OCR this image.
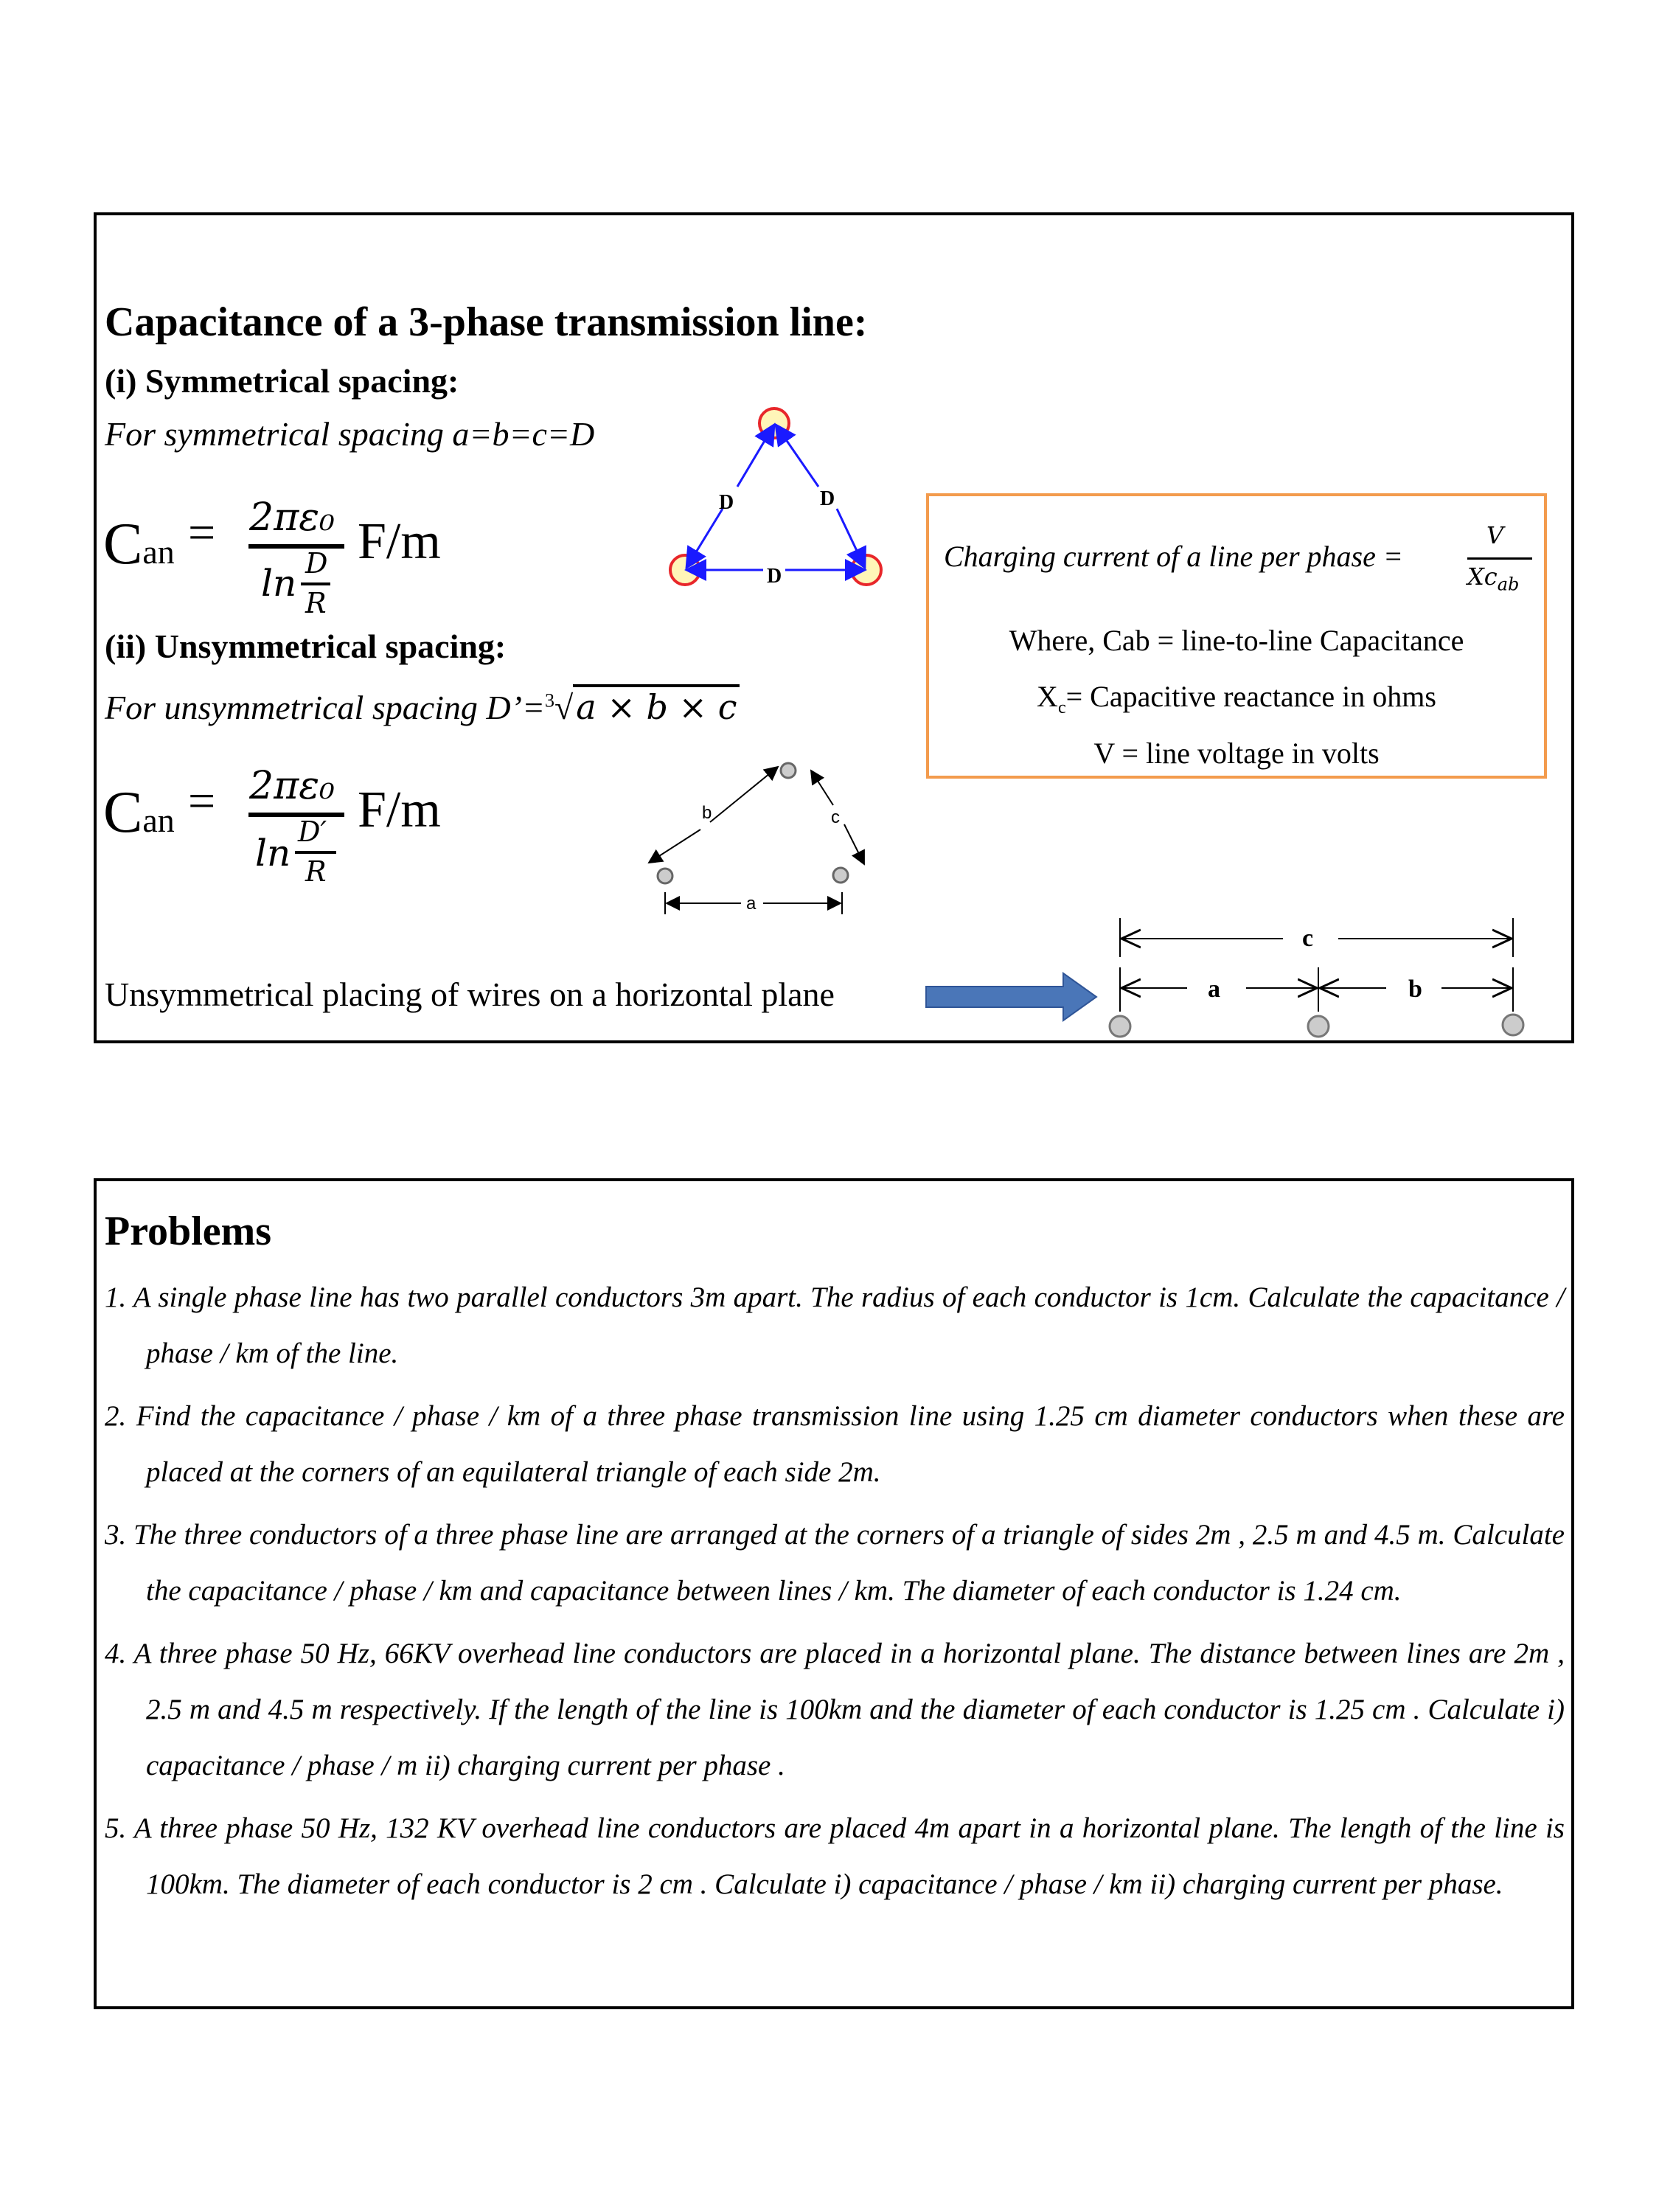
Capacitance of a 3-phase transmission line:
(i) Symmetrical spacing:
For symmetrical spacing a=b=c=D
Can = 2πε₀
ln D
R
F/m
(ii) Unsymmetrical spacing:
For unsymmetrical spacing D’=$^3$√a × b × c
Can = 2πε₀
ln D′
R
F/m
Unsymmetrical placing of wires on a horizontal plane
D	D
D
b	c
a
c
a	b
Charging current of a line per phase =
V
$Xc_{ab}$
Where, Cab = line-to-line Capacitance
$X_c=$ Capacitive reactance in ohms
V = line voltage in volts
Problems

1. A single phase line has two parallel conductors 3m apart. The radius of each conductor is 1cm. Calculate the capacitance / phase / km of the line.

2. Find the capacitance / phase / km of a three phase transmission line using 1.25 cm diameter conductors when these are placed at the corners of an equilateral triangle of each side 2m.

3. The three conductors of a three phase line are arranged at the corners of a triangle of sides 2m , 2.5 m and 4.5 m. Calculate the capacitance / phase / km and capacitance between lines / km. The diameter of each conductor is 1.24 cm.

4. A three phase 50 Hz, 66KV overhead line conductors are placed in a horizontal plane. The distance between lines are 2m , 2.5 m and 4.5 m respectively. If the length of the line is 100km and the diameter of each conductor is 1.25 cm . Calculate i) capacitance / phase / m ii) charging current per phase .

5. A three phase 50 Hz, 132 KV overhead line conductors are placed 4m apart in a horizontal plane. The length of the line is 100km. The diameter of each conductor is 2 cm . Calculate i) capacitance / phase / km ii) charging current per phase.
